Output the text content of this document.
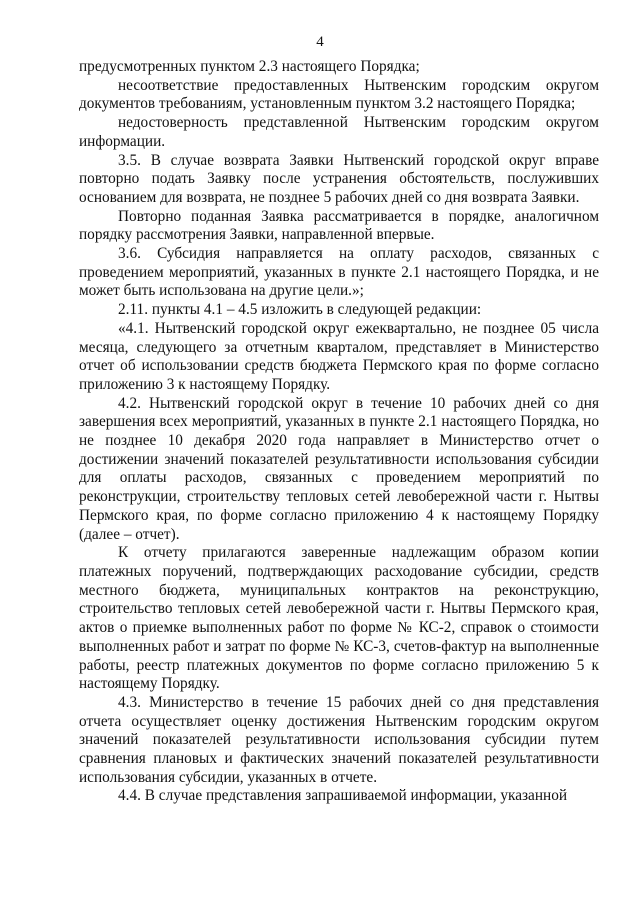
4

предусмотренных пунктом 2.3 настоящего Порядка;

несоответствие предоставленных Нытвенским городским округом документов требованиям, установленным пунктом 3.2 настоящего Порядка;

недостоверность представленной Нытвенским городским округом информации.

3.5. В случае возврата Заявки Нытвенский городской округ вправе повторно подать Заявку после устранения обстоятельств, послуживших основанием для возврата, не позднее 5 рабочих дней со дня возврата Заявки.

Повторно поданная Заявка рассматривается в порядке, аналогичном порядку рассмотрения Заявки, направленной впервые.

3.6. Субсидия направляется на оплату расходов, связанных с проведением мероприятий, указанных в пункте 2.1 настоящего Порядка, и не может быть использована на другие цели.»;

2.11. пункты 4.1 – 4.5 изложить в следующей редакции:

«4.1. Нытвенский городской округ ежеквартально, не позднее 05 числа месяца, следующего за отчетным кварталом, представляет в Министерство отчет об использовании средств бюджета Пермского края по форме согласно приложению 3 к настоящему Порядку.

4.2. Нытвенский городской округ в течение 10 рабочих дней со дня завершения всех мероприятий, указанных в пункте 2.1 настоящего Порядка, но не позднее 10 декабря 2020 года направляет в Министерство отчет о достижении значений показателей результативности использования субсидии для оплаты расходов, связанных с проведением мероприятий по реконструкции, строительству тепловых сетей левобережной части г. Нытвы Пермского края, по форме согласно приложению 4 к настоящему Порядку (далее – отчет).

К отчету прилагаются заверенные надлежащим образом копии платежных поручений, подтверждающих расходование субсидии, средств местного бюджета, муниципальных контрактов на реконструкцию, строительство тепловых сетей левобережной части г. Нытвы Пермского края, актов о приемке выполненных работ по форме № КС-2, справок о стоимости выполненных работ и затрат по форме № КС-3, счетов-фактур на выполненные работы, реестр платежных документов по форме согласно приложению 5 к настоящему Порядку.

4.3. Министерство в течение 15 рабочих дней со дня представления отчета осуществляет оценку достижения Нытвенским городским округом значений показателей результативности использования субсидии путем сравнения плановых и фактических значений показателей результативности использования субсидии, указанных в отчете.

4.4. В случае представления запрашиваемой информации, указанной
